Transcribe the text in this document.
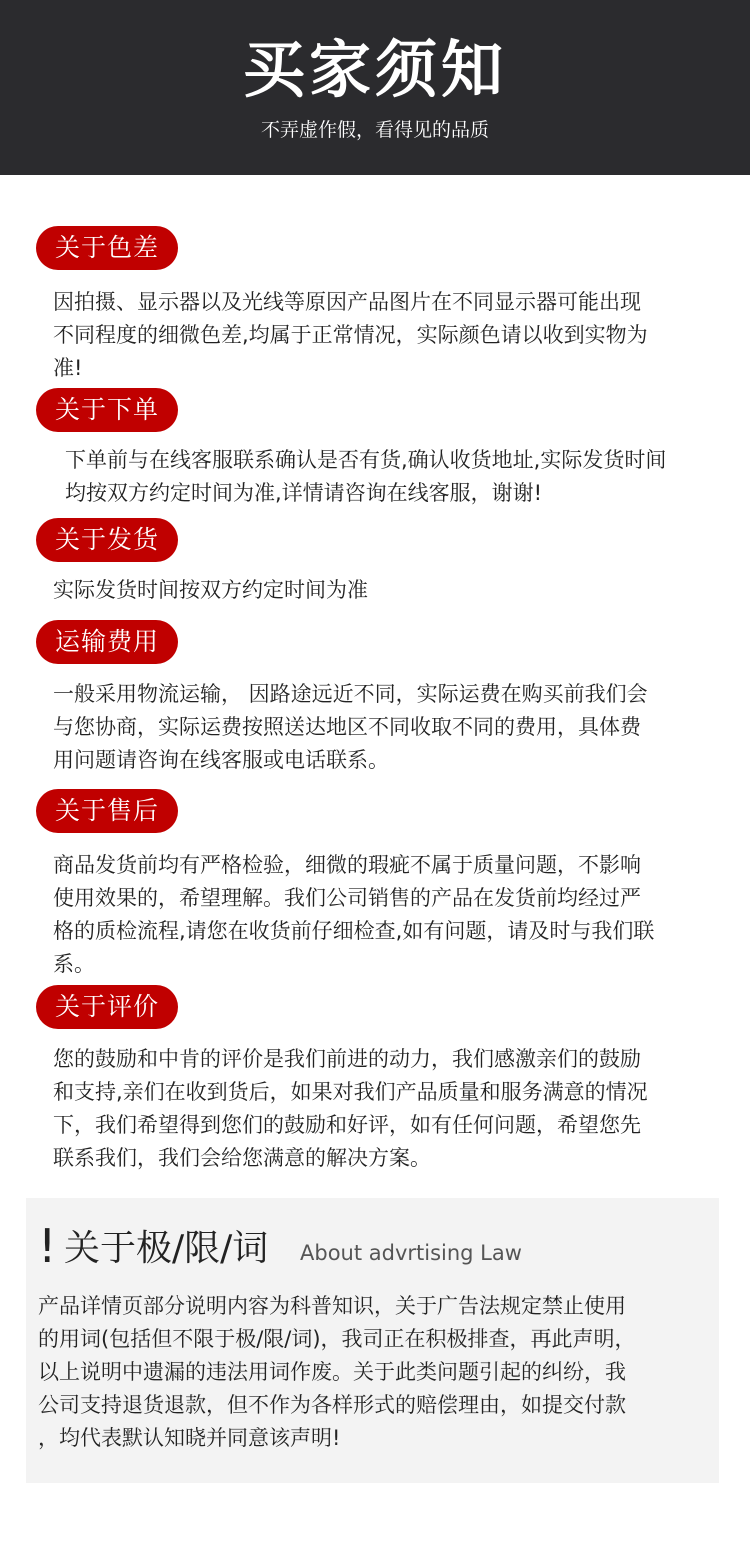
买家须知
不弄虚作假，看得见的品质
关于色差
因拍摄、显示器以及光线等原因产品图片在不同显示器可能出现
不同程度的细微色差,均属于正常情况，实际颜色请以收到实物为
准!
关于下单
下单前与在线客服联系确认是否有货,确认收货地址,实际发货时间
均按双方约定时间为准,详情请咨询在线客服，谢谢!
关于发货
实际发货时间按双方约定时间为准
运输费用
一般采用物流运输， 因路途远近不同，实际运费在购买前我们会
与您协商，实际运费按照送达地区不同收取不同的费用，具体费
用问题请咨询在线客服或电话联系。
关于售后
商品发货前均有严格检验，细微的瑕疵不属于质量问题，不影响
使用效果的，希望理解。我们公司销售的产品在发货前均经过严
格的质检流程,请您在收货前仔细检查,如有问题，请及时与我们联
系。
关于评价
您的鼓励和中肯的评价是我们前进的动力，我们感激亲们的鼓励
和支持,亲们在收到货后，如果对我们产品质量和服务满意的情况
下，我们希望得到您们的鼓励和好评，如有任何问题，希望您先
联系我们，我们会给您满意的解决方案。
! 关于极/限/词 About advrtising Law
产品详情页部分说明内容为科普知识，关于广告法规定禁止使用
的用词(包括但不限于极/限/词)，我司正在积极排查，再此声明，
以上说明中遗漏的违法用词作废。关于此类问题引起的纠纷，我
公司支持退货退款，但不作为各样形式的赔偿理由，如提交付款
，均代表默认知晓并同意该声明!
